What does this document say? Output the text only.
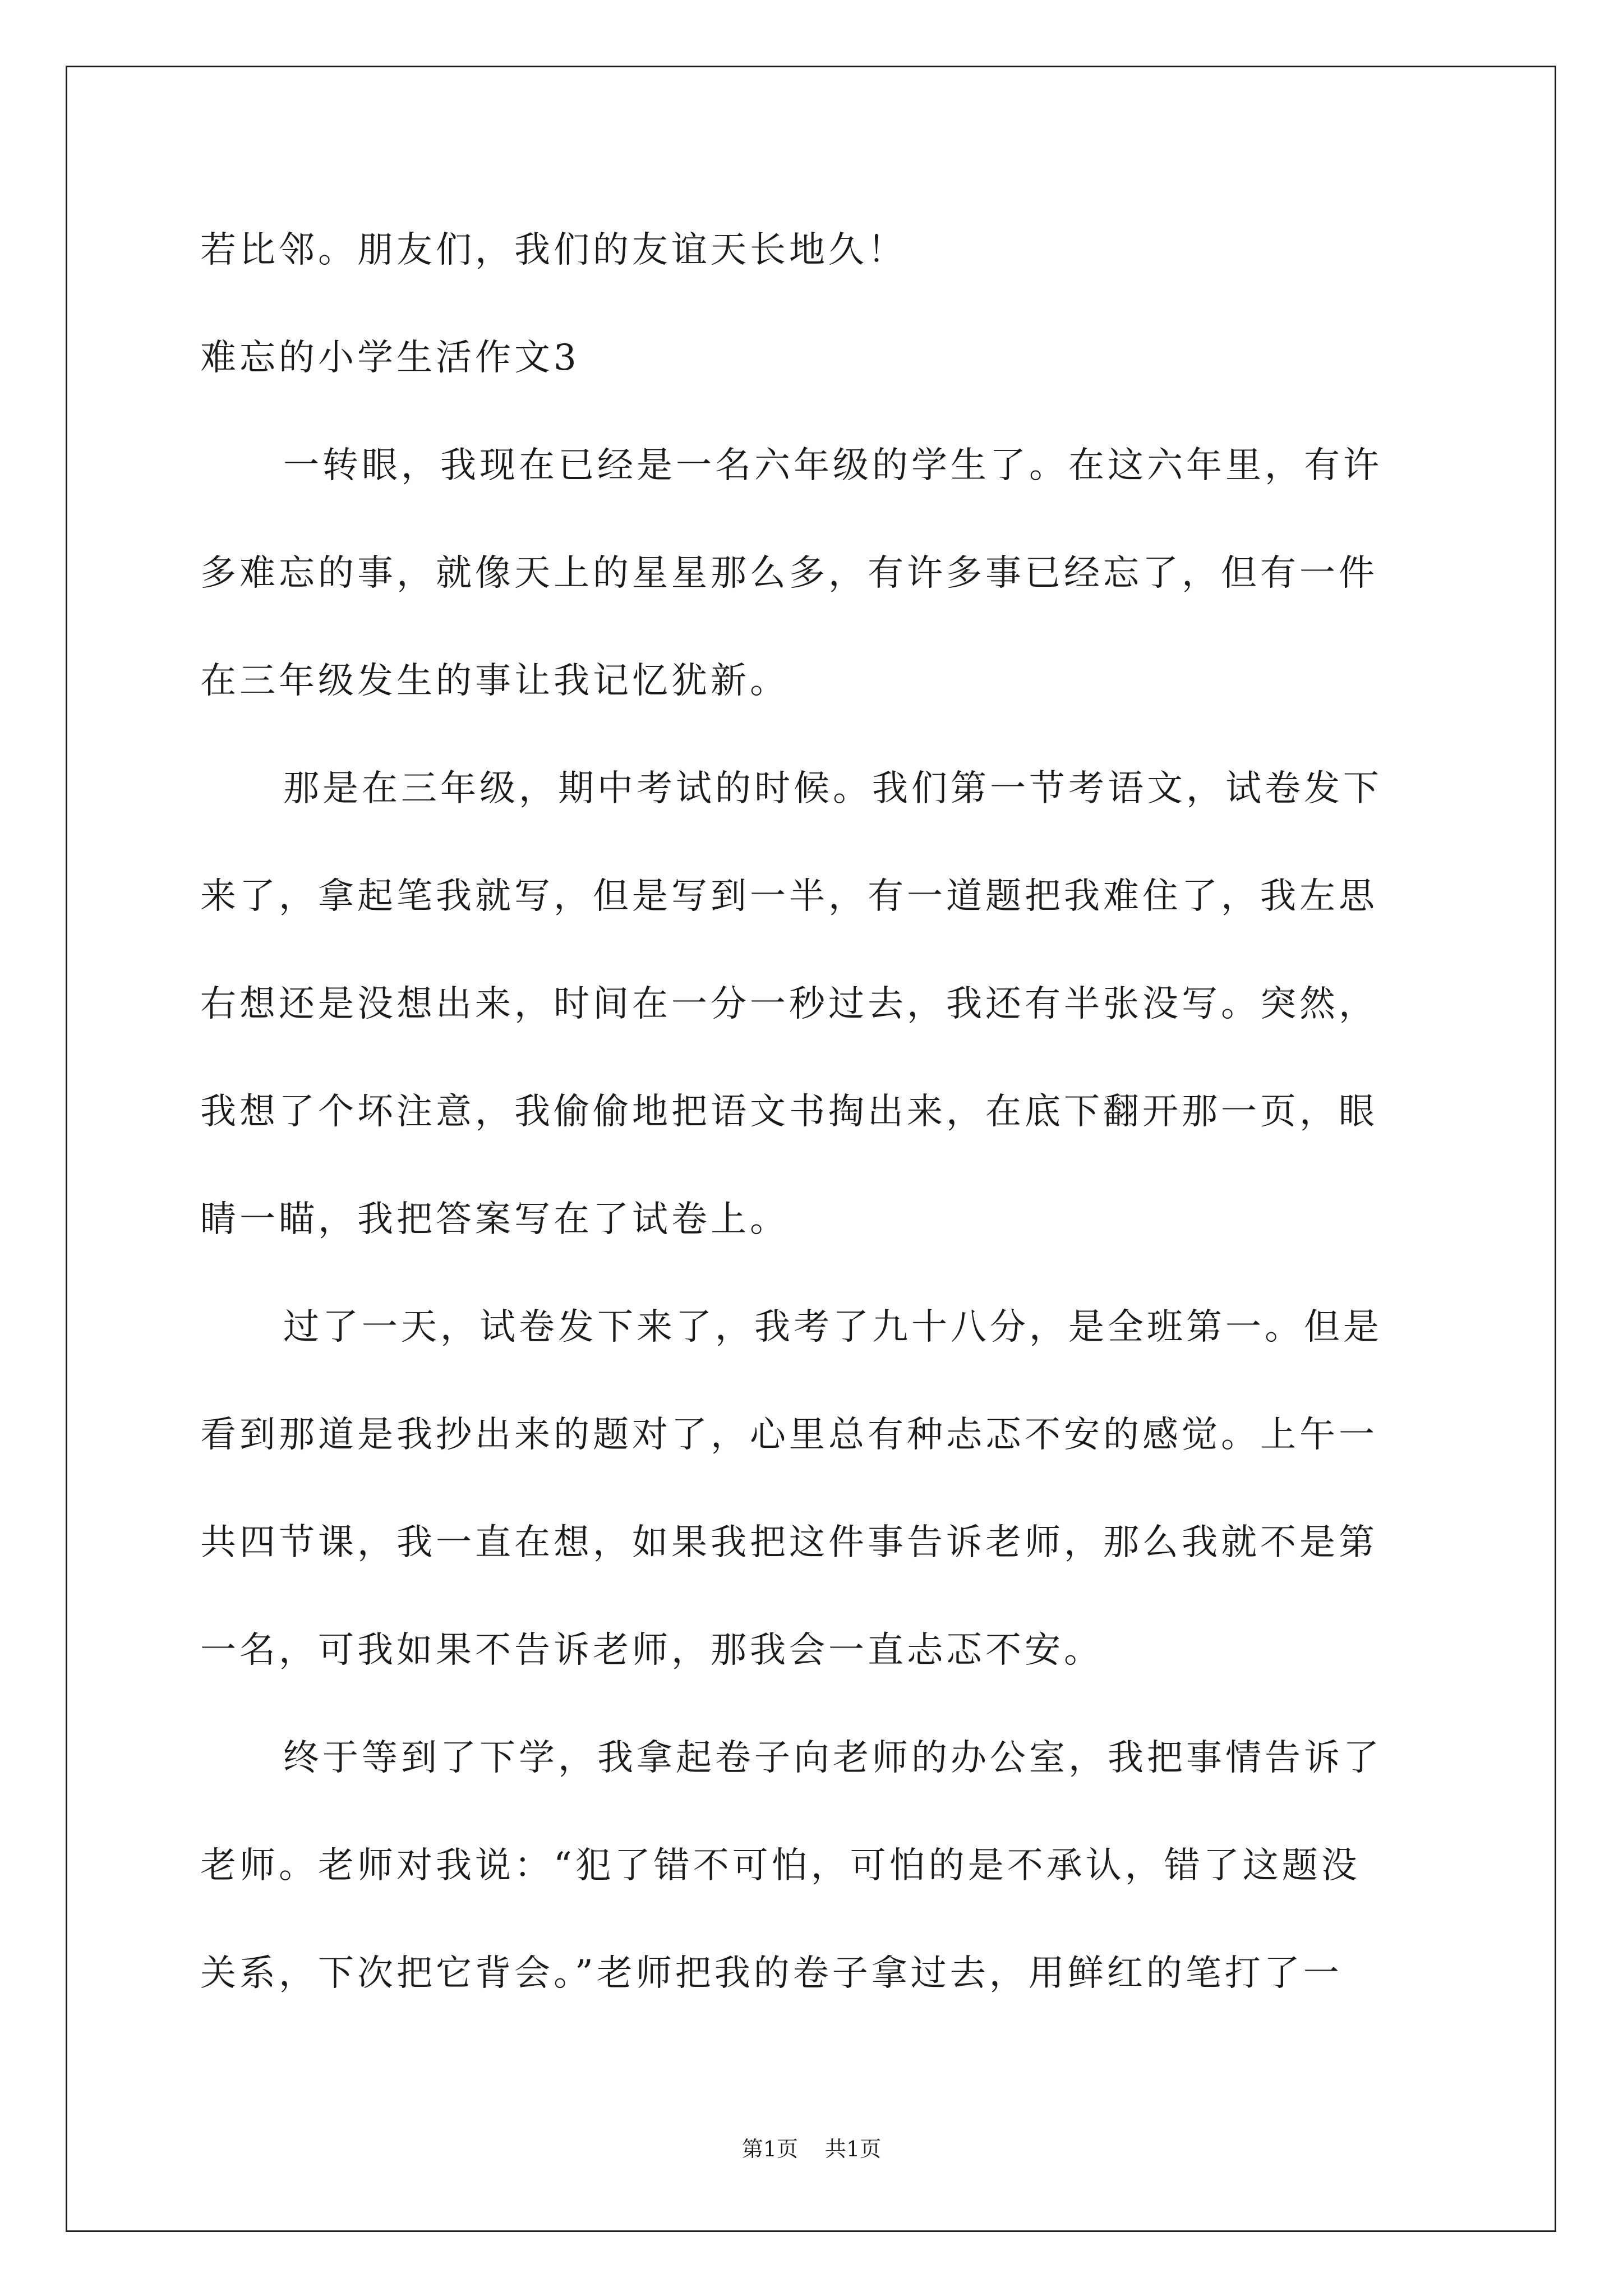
若比邻。朋友们，我们的友谊天长地久！
难忘的小学生活作文3
一转眼，我现在已经是一名六年级的学生了。在这六年里，有许
多难忘的事，就像天上的星星那么多，有许多事已经忘了，但有一件
在三年级发生的事让我记忆犹新。
那是在三年级，期中考试的时候。我们第一节考语文，试卷发下
来了，拿起笔我就写，但是写到一半，有一道题把我难住了，我左思
右想还是没想出来，时间在一分一秒过去，我还有半张没写。突然，
我想了个坏注意，我偷偷地把语文书掏出来，在底下翻开那一页，眼
睛一瞄，我把答案写在了试卷上。
过了一天，试卷发下来了，我考了九十八分，是全班第一。但是
看到那道是我抄出来的题对了，心里总有种忐忑不安的感觉。上午一
共四节课，我一直在想，如果我把这件事告诉老师，那么我就不是第
一名，可我如果不告诉老师，那我会一直忐忑不安。
终于等到了下学，我拿起卷子向老师的办公室，我把事情告诉了
老师。老师对我说：“犯了错不可怕，可怕的是不承认，错了这题没
关系，下次把它背会。”老师把我的卷子拿过去，用鲜红的笔打了一
第1页 共1页
